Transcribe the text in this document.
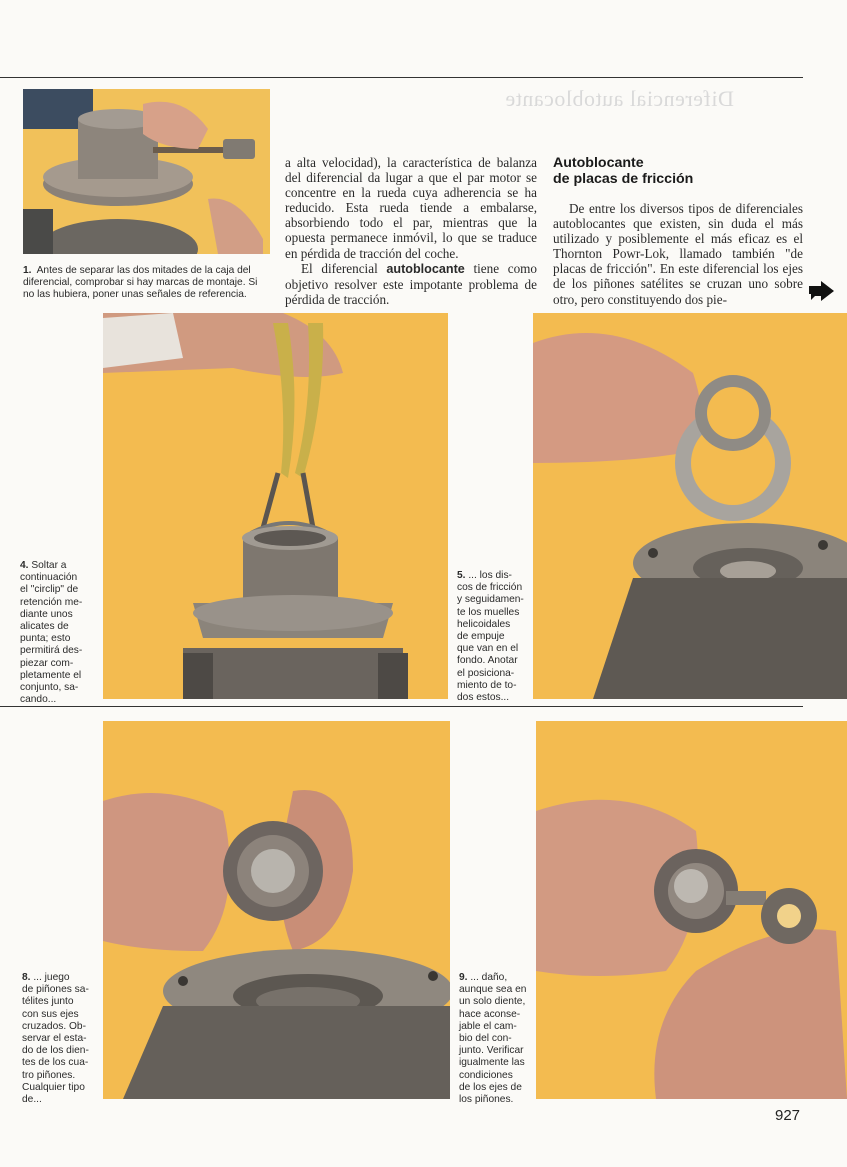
Diferencial autoblocante
1. Antes de separar las dos mitades de la caja del diferencial, comprobar si hay marcas de montaje. Si no las hubiera, poner unas señales de referencia.

a alta velocidad), la característica de balanza del diferencial da lugar a que el par motor se concentre en la rueda cuya adherencia se ha reducido. Esta rueda tiende a embalarse, absorbiendo todo el par, mientras que la opuesta permanece inmóvil, lo que se traduce en pérdida de tracción del coche.

El diferencial autoblocante tiene como objetivo resolver este impotante problema de pérdida de tracción.

Autoblocante
de placas de fricción

De entre los diversos tipos de diferenciales autoblocantes que existen, sin duda el más utilizado y posiblemente el más eficaz es el Thornton Powr-Lok, llamado también "de placas de fricción". En este diferencial los ejes de los piñones satélites se cruzan uno sobre otro, pero constituyendo dos pie-

4. Soltar a
continuación
el "circlip" de
retención me-
diante unos
alicates de
punta; esto
permitirá des-
piezar com-
pletamente el
conjunto, sa-
cando...
5. ... los dis-
cos de fricción
y seguidamen-
te los muelles
helicoidales
de empuje
que van en el
fondo. Anotar
el posiciona-
miento de to-
dos estos...
8. ... juego
de piñones sa-
télites junto
con sus ejes
cruzados. Ob-
servar el esta-
do de los dien-
tes de los cua-
tro piñones.
Cualquier tipo
de...
9. ... daño,
aunque sea en
un solo diente,
hace aconse-
jable el cam-
bio del con-
junto. Verificar
igualmente las
condiciones
de los ejes de
los piñones.
927
